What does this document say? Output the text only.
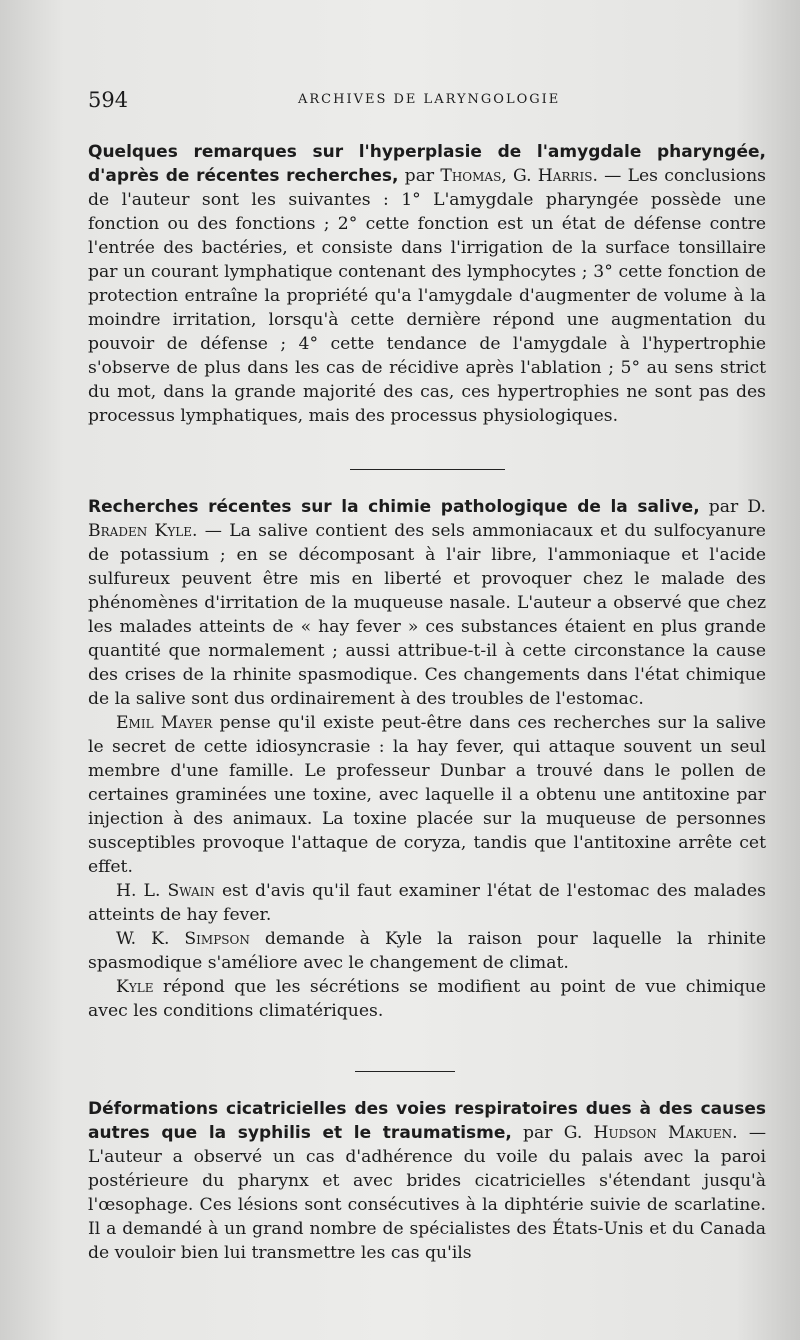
594	ARCHIVES DE LARYNGOLOGIE

Quelques remarques sur l'hyperplasie de l'amygdale pharyngée, d'après de récentes recherches, par Thomas, G. Harris. — Les conclusions de l'auteur sont les suivantes : 1° L'amygdale pharyngée possède une fonction ou des fonctions ; 2° cette fonction est un état de défense contre l'entrée des bactéries, et consiste dans l'irrigation de la surface tonsillaire par un courant lymphatique contenant des lymphocytes ; 3° cette fonction de protection entraîne la propriété qu'a l'amygdale d'augmenter de volume à la moindre irritation, lorsqu'à cette dernière répond une augmentation du pouvoir de défense ; 4° cette tendance de l'amygdale à l'hypertrophie s'observe de plus dans les cas de récidive après l'ablation ; 5° au sens strict du mot, dans la grande majorité des cas, ces hypertrophies ne sont pas des processus lymphatiques, mais des processus physiologiques.

Recherches récentes sur la chimie pathologique de la salive, par D. Braden Kyle. — La salive contient des sels ammoniacaux et du sulfocyanure de potassium ; en se décomposant à l'air libre, l'ammoniaque et l'acide sulfureux peuvent être mis en liberté et provoquer chez le malade des phénomènes d'irritation de la muqueuse nasale. L'auteur a observé que chez les malades atteints de « hay fever » ces substances étaient en plus grande quantité que normalement ; aussi attribue-t-il à cette circonstance la cause des crises de la rhinite spasmodique. Ces changements dans l'état chimique de la salive sont dus ordinairement à des troubles de l'estomac.

Emil Mayer pense qu'il existe peut-être dans ces recherches sur la salive le secret de cette idiosyncrasie : la hay fever, qui attaque souvent un seul membre d'une famille. Le professeur Dunbar a trouvé dans le pollen de certaines graminées une toxine, avec laquelle il a obtenu une antitoxine par injection à des animaux. La toxine placée sur la muqueuse de personnes susceptibles provoque l'attaque de coryza, tandis que l'antitoxine arrête cet effet.

H. L. Swain est d'avis qu'il faut examiner l'état de l'estomac des malades atteints de hay fever.

W. K. Simpson demande à Kyle la raison pour laquelle la rhinite spasmodique s'améliore avec le changement de climat.

Kyle répond que les sécrétions se modifient au point de vue chimique avec les conditions climatériques.

Déformations cicatricielles des voies respiratoires dues à des causes autres que la syphilis et le traumatisme, par G. Hudson Makuen. — L'auteur a observé un cas d'adhérence du voile du palais avec la paroi postérieure du pharynx et avec brides cicatricielles s'étendant jusqu'à l'œsophage. Ces lésions sont consécutives à la diphtérie suivie de scarlatine. Il a demandé à un grand nombre de spécialistes des États-Unis et du Canada de vouloir bien lui transmettre les cas qu'ils
